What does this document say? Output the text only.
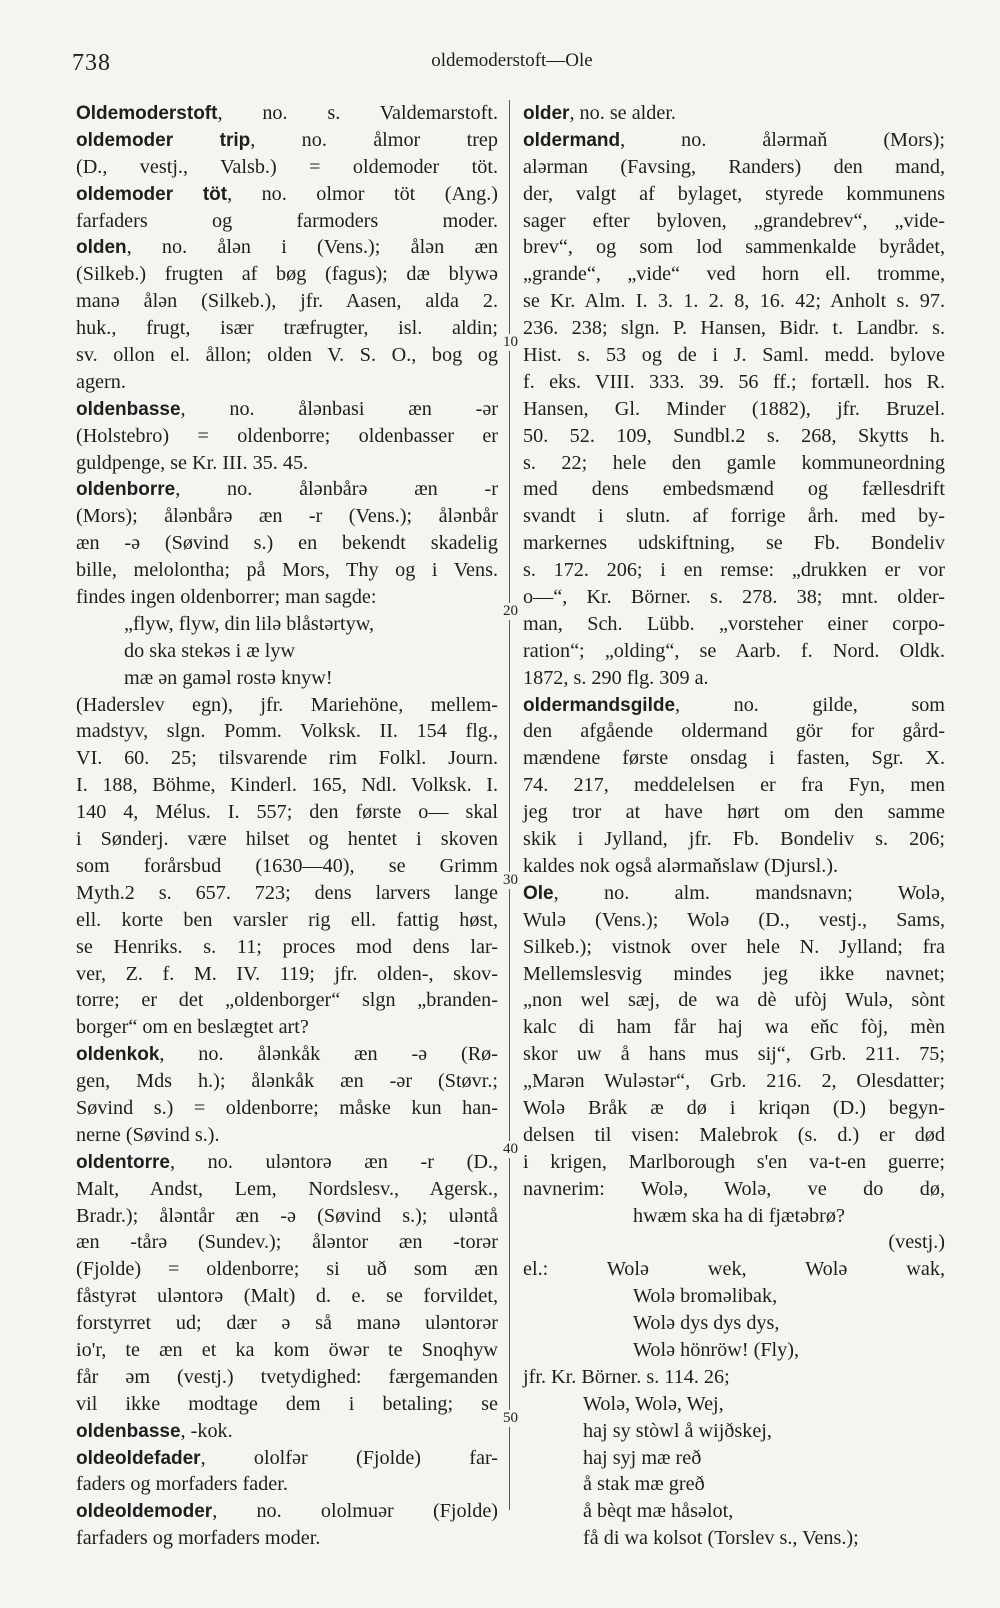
738	oldemoderstoft—Ole
10
20
30
40
50
Oldemoderstoft, no. s. Valdemarstoft.
oldemoder trip, no. ålmor trep
(D., vestj., Valsb.) = oldemoder töt.
oldemoder töt, no. olmor töt (Ang.)
farfaders og farmoders moder.
olden, no. ålən i (Vens.); ålən æn
(Silkeb.) frugten af bøg (fagus); dæ blywə
manə ålən (Silkeb.), jfr. Aasen, alda 2.
huk., frugt, især træfrugter, isl. aldin;
sv. ollon el. ållon; olden V. S. O., bog og
agern.
oldenbasse, no. ålənbasi æn -ər
(Holstebro) = oldenborre; oldenbasser er
guldpenge, se Kr. III. 35. 45.
oldenborre, no. ålənbårə æn -r
(Mors); ålənbårə æn -r (Vens.); ålənbår
æn -ə (Søvind s.) en bekendt skadelig
bille, melolontha; på Mors, Thy og i Vens.
findes ingen oldenborrer; man sagde:
„flyw, flyw, din lilə blåstərtyw,
do ska stekəs i æ lyw
mæ ən gaməl rostə knyw!
(Haderslev egn), jfr. Mariehöne, mellem-
madstyv, slgn. Pomm. Volksk. II. 154 flg.,
VI. 60. 25; tilsvarende rim Folkl. Journ.
I. 188, Böhme, Kinderl. 165, Ndl. Volksk. I.
140 4, Mélus. I. 557; den første o— skal
i Sønderj. være hilset og hentet i skoven
som forårsbud (1630—40), se Grimm
Myth.2 s. 657. 723; dens larvers lange
ell. korte ben varsler rig ell. fattig høst,
se Henriks. s. 11; proces mod dens lar-
ver, Z. f. M. IV. 119; jfr. olden-, skov-
torre; er det „oldenborger“ slgn „branden-
borger“ om en beslægtet art?
oldenkok, no. ålənkåk æn -ə (Rø-
gen, Mds h.); ålənkåk æn -ər (Støvr.;
Søvind s.) = oldenborre; måske kun han-
nerne (Søvind s.).
oldentorre, no. uləntorə æn -r (D.,
Malt, Andst, Lem, Nordslesv., Agersk.,
Bradr.); åləntår æn -ə (Søvind s.); uləntå
æn -tårə (Sundev.); åləntor æn -torər
(Fjolde) = oldenborre; si uð som æn
fåstyrət uləntorə (Malt) d. e. se forvildet,
forstyrret ud; dær ə så manə uləntorər
io'r, te æn et ka kom öwər te Snoqhyw
får əm (vestj.) tvetydighed: færgemanden
vil ikke modtage dem i betaling; se
oldenbasse, -kok.
oldeoldefader, ololfər (Fjolde) far-
faders og morfaders fader.
oldeoldemoder, no. ololmuər (Fjolde)
farfaders og morfaders moder.
older, no. se alder.
oldermand, no. ålərmaň (Mors);
alərman (Favsing, Randers) den mand,
der, valgt af bylaget, styrede kommunens
sager efter byloven, „grandebrev“, „vide-
brev“, og som lod sammenkalde byrådet,
„grande“, „vide“ ved horn ell. tromme,
se Kr. Alm. I. 3. 1. 2. 8, 16. 42; Anholt s. 97.
236. 238; slgn. P. Hansen, Bidr. t. Landbr. s.
Hist. s. 53 og de i J. Saml. medd. bylove
f. eks. VIII. 333. 39. 56 ff.; fortæll. hos R.
Hansen, Gl. Minder (1882), jfr. Bruzel.
50. 52. 109, Sundbl.2 s. 268, Skytts h.
s. 22; hele den gamle kommuneordning
med dens embedsmænd og fællesdrift
svandt i slutn. af forrige årh. med by-
markernes udskiftning, se Fb. Bondeliv
s. 172. 206; i en remse: „drukken er vor
o—“, Kr. Börner. s. 278. 38; mnt. older-
man, Sch. Lübb. „vorsteher einer corpo-
ration“; „olding“, se Aarb. f. Nord. Oldk.
1872, s. 290 flg. 309 a.
oldermandsgilde, no. gilde, som
den afgående oldermand gör for gård-
mændene første onsdag i fasten, Sgr. X.
74. 217, meddelelsen er fra Fyn, men
jeg tror at have hørt om den samme
skik i Jylland, jfr. Fb. Bondeliv s. 206;
kaldes nok også alərmaňslaw (Djursl.).
Ole, no. alm. mandsnavn; Wolə,
Wulə (Vens.); Wolə (D., vestj., Sams,
Silkeb.); vistnok over hele N. Jylland; fra
Mellemslesvig mindes jeg ikke navnet;
„non wel sæj, de wa dè ufòj Wulə, sònt
kalc di ham får haj wa eňc fòj, mèn
skor uw å hans mus sij“, Grb. 211. 75;
„Marən Wuləstər“, Grb. 216. 2, Olesdatter;
Wolə Bråk æ dø i kriqən (D.) begyn-
delsen til visen: Malebrok (s. d.) er død
i krigen, Marlborough s'en va-t-en guerre;
navnerim: Wolə, Wolə, ve do dø,
hwæm ska ha di fjætəbrø?
(vestj.)
el.: Wolə wek, Wolə wak,
Wolə broməlibak,
Wolə dys dys dys,
Wolə hönröw! (Fly),
jfr. Kr. Börner. s. 114. 26;
Wolə, Wolə, Wej,
haj sy stòwl å wijðskej,
haj syj mæ reð
å stak mæ greð
å bèqt mæ håsəlot,
få di wa kolsot (Torslev s., Vens.);
